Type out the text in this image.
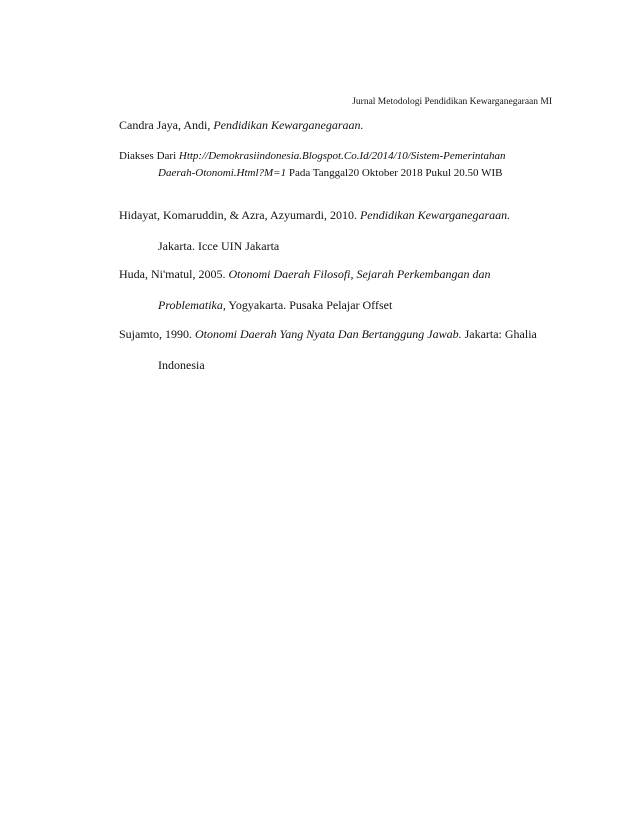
Jurnal Metodologi Pendidikan Kewarganegaraan MI
Candra Jaya, Andi, Pendidikan Kewarganegaraan.
Diakses Dari Http://Demokrasiindonesia.Blogspot.Co.Id/2014/10/Sistem-Pemerintahan
Daerah-Otonomi.Html?M=1 Pada Tanggal20 Oktober 2018 Pukul 20.50 WIB
Hidayat, Komaruddin, & Azra, Azyumardi, 2010. Pendidikan Kewarganegaraan.
Jakarta. Icce UIN Jakarta
Huda, Ni'matul, 2005. Otonomi Daerah Filosofi, Sejarah Perkembangan dan
Problematika, Yogyakarta. Pusaka Pelajar Offset
Sujamto, 1990. Otonomi Daerah Yang Nyata Dan Bertanggung Jawab. Jakarta: Ghalia
Indonesia
